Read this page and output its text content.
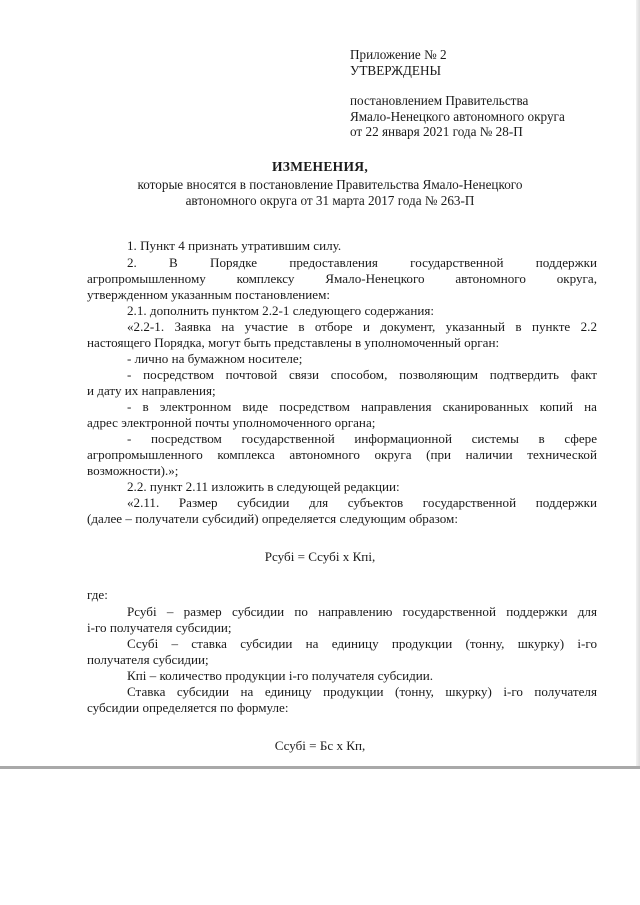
Приложение № 2
УТВЕРЖДЕНЫ
постановлением Правительства
Ямало-Ненецкого автономного округа
от 22 января 2021 года № 28-П
ИЗМЕНЕНИЯ,
которые вносятся в постановление Правительства Ямало-Ненецкого
автономного округа от 31 марта 2017 года № 263-П
1. Пункт 4 признать утратившим силу.
2. В Порядке предоставления государственной поддержки
агропромышленному комплексу Ямало-Ненецкого автономного округа,
утвержденном указанным постановлением:
2.1. дополнить пунктом 2.2-1 следующего содержания:
«2.2-1. Заявка на участие в отборе и документ, указанный в пункте 2.2
настоящего Порядка, могут быть представлены в уполномоченный орган:
- лично на бумажном носителе;
- посредством почтовой связи способом, позволяющим подтвердить факт
и дату их направления;
- в электронном виде посредством направления сканированных копий на
адрес электронной почты уполномоченного органа;
- посредством государственной информационной системы в сфере
агропромышленного комплекса автономного округа (при наличии технической
возможности).»;
2.2. пункт 2.11 изложить в следующей редакции:
«2.11. Размер субсидии для субъектов государственной поддержки
(далее – получатели субсидий) определяется следующим образом:
Рсубі = Ссубі х Кпі,
где:
Рсубі – размер субсидии по направлению государственной поддержки для
i-го получателя субсидии;
Ссубі – ставка субсидии на единицу продукции (тонну, шкурку) i-го
получателя субсидии;
Кпі – количество продукции i-го получателя субсидии.
Ставка субсидии на единицу продукции (тонну, шкурку) i-го получателя
субсидии определяется по формуле:
Ссубі = Бс х Кп,
